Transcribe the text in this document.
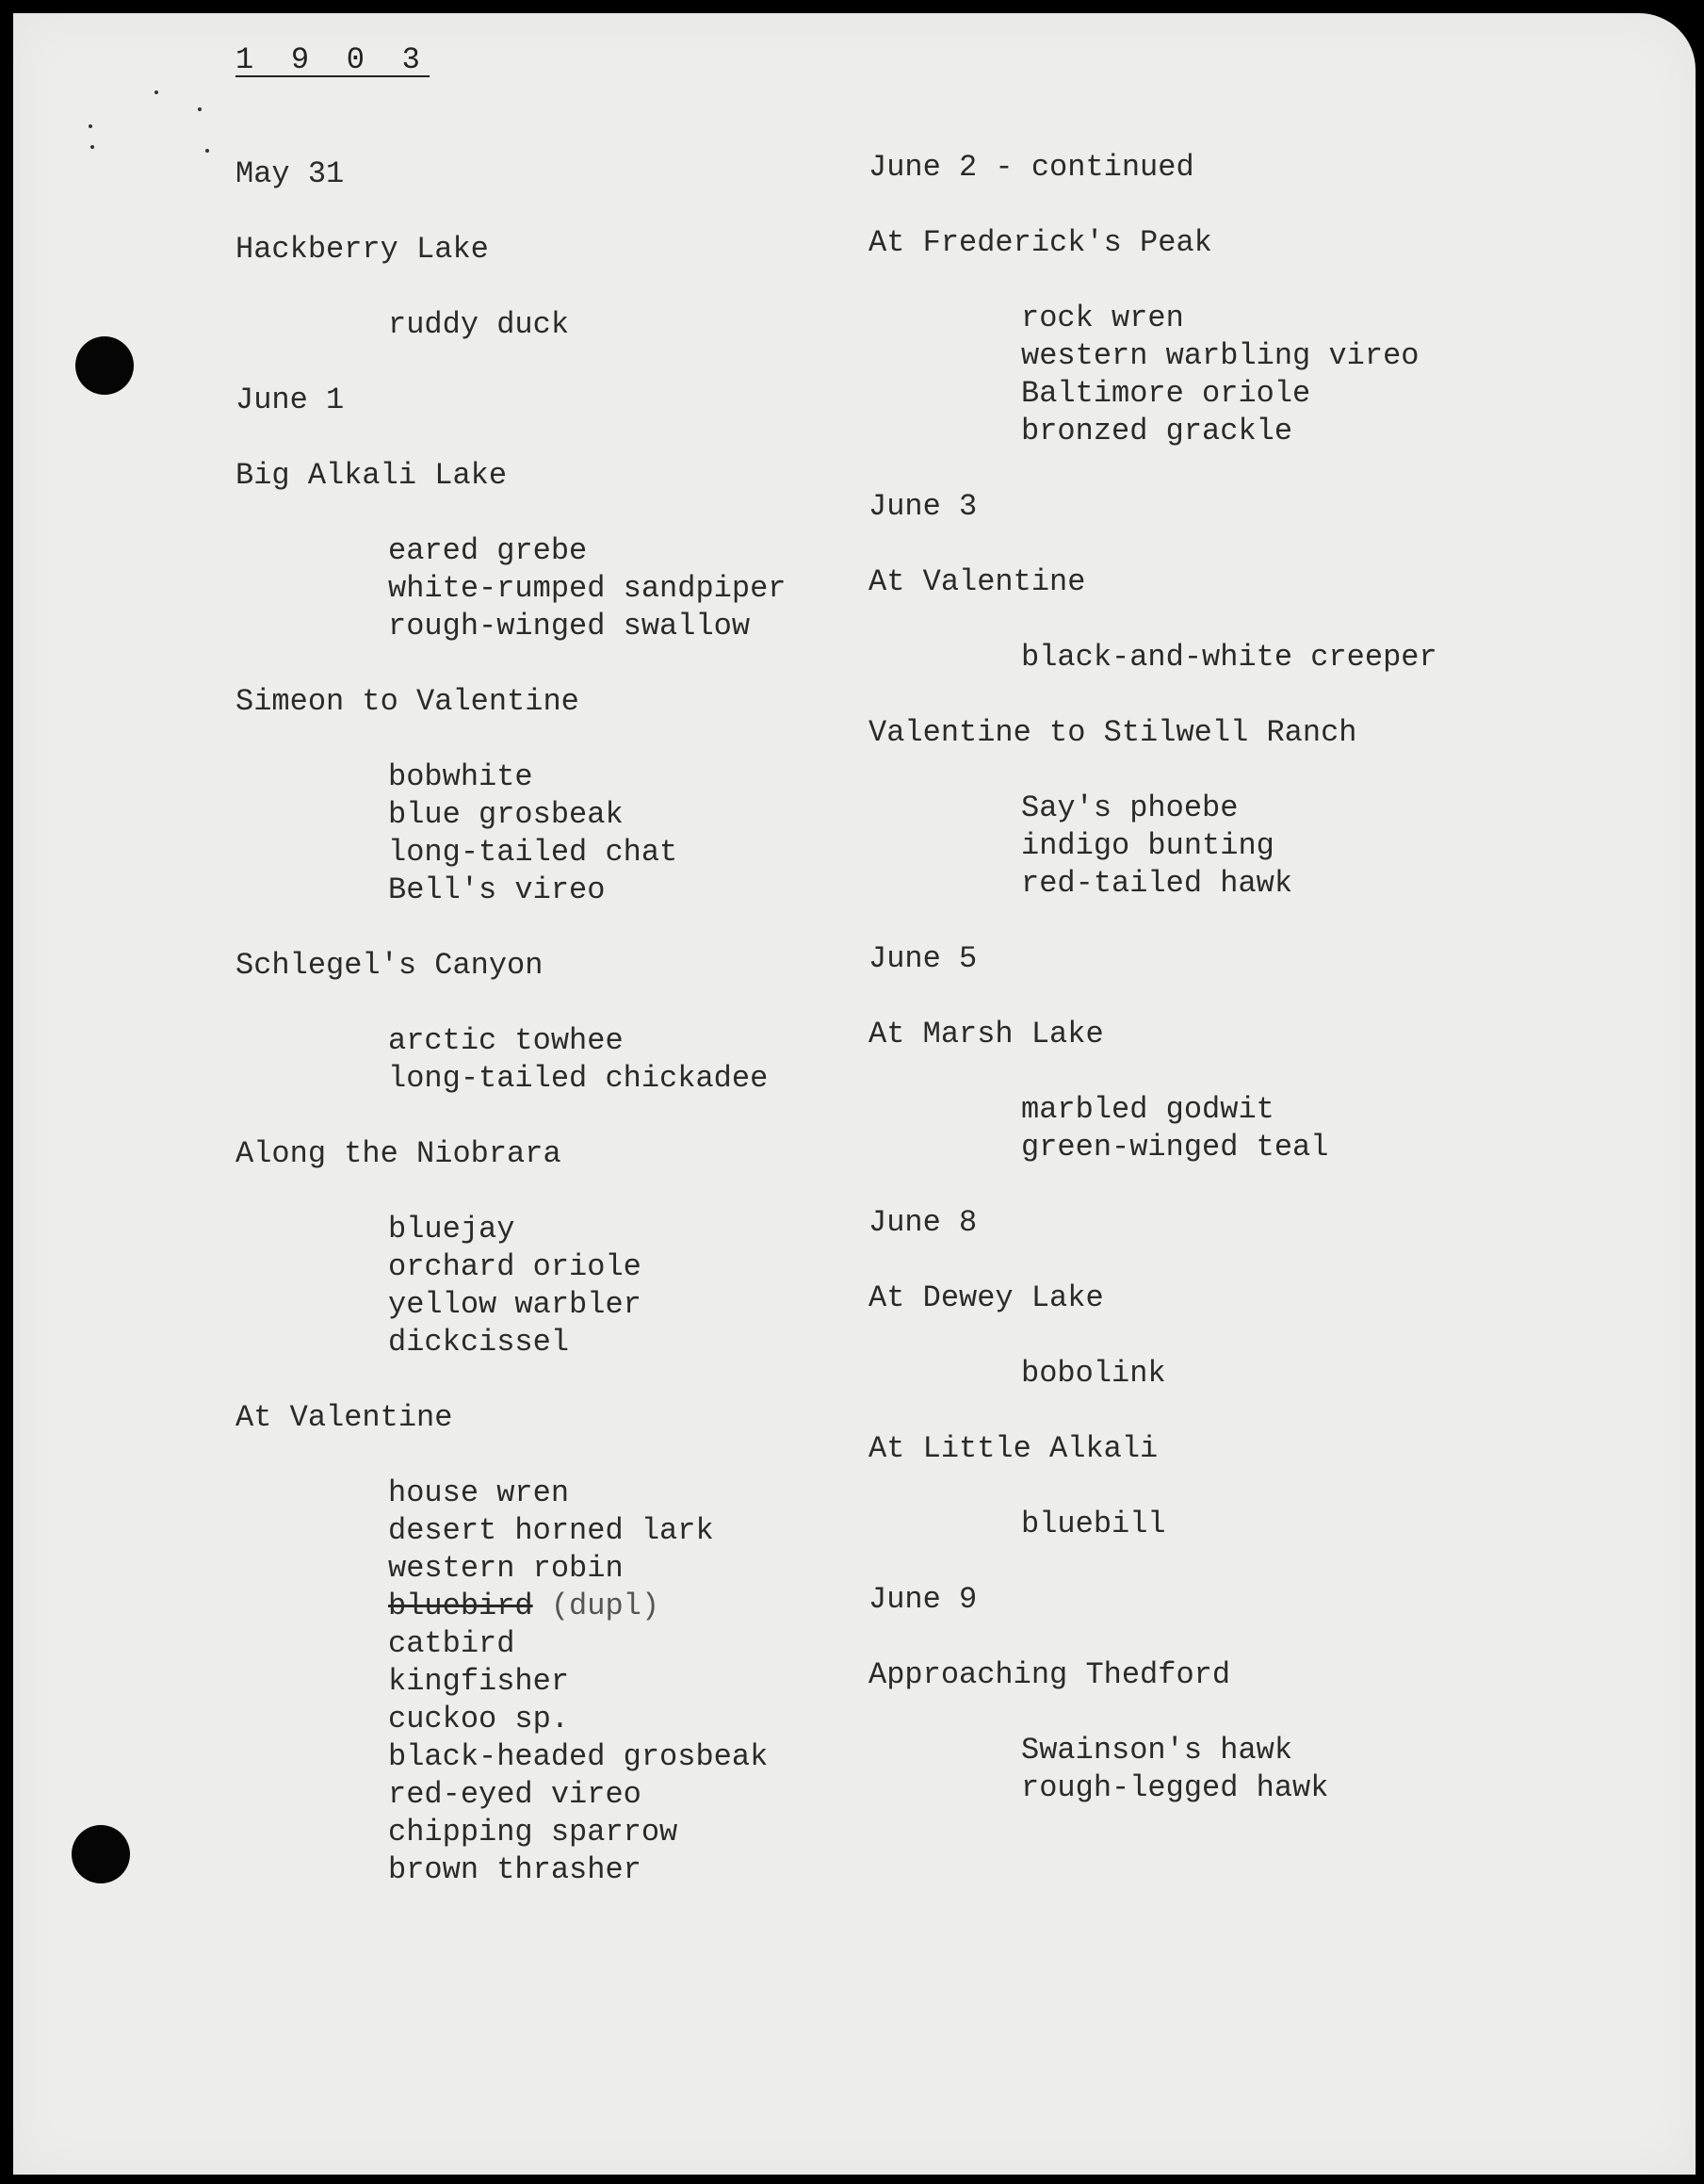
1 9 0 3
May 31
Hackberry Lake
ruddy duck
June 1
Big Alkali Lake
eared grebe
white-rumped sandpiper
rough-winged swallow
Simeon to Valentine
bobwhite
blue grosbeak
long-tailed chat
Bell's vireo
Schlegel's Canyon
arctic towhee
long-tailed chickadee
Along the Niobrara
bluejay
orchard oriole
yellow warbler
dickcissel
At Valentine
house wren
desert horned lark
western robin
bluebird (dupl)
catbird
kingfisher
cuckoo sp.
black-headed grosbeak
red-eyed vireo
chipping sparrow
brown thrasher
June 2 - continued
At Frederick's Peak
rock wren
western warbling vireo
Baltimore oriole
bronzed grackle
June 3
At Valentine
black-and-white creeper
Valentine to Stilwell Ranch
Say's phoebe
indigo bunting
red-tailed hawk
June 5
At Marsh Lake
marbled godwit
green-winged teal
June 8
At Dewey Lake
bobolink
At Little Alkali
bluebill
June 9
Approaching Thedford
Swainson's hawk
rough-legged hawk
